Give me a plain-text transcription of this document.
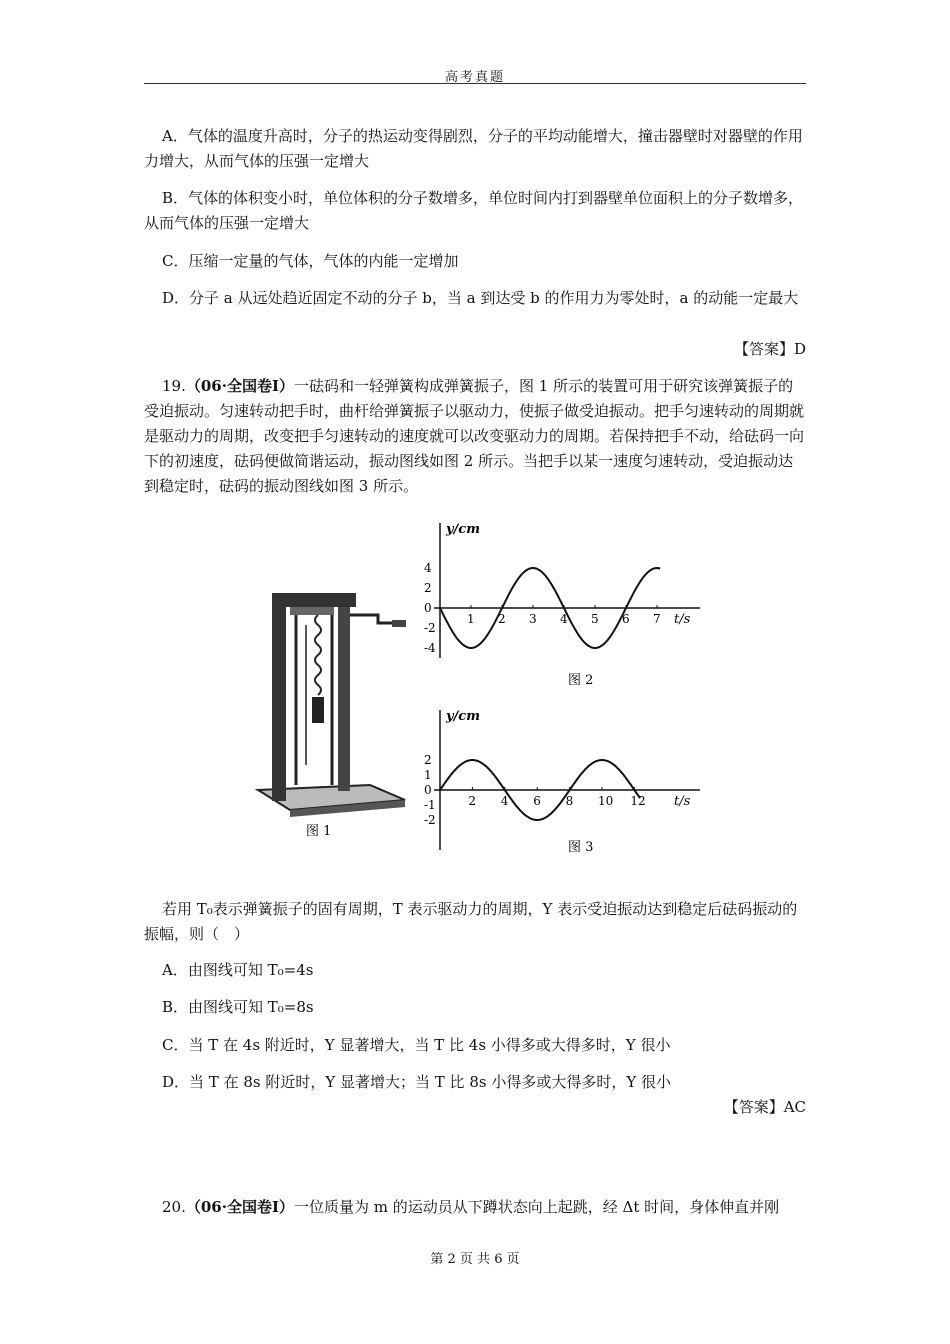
高考真题
A．气体的温度升高时，分子的热运动变得剧烈，分子的平均动能增大，撞击器壁时对器壁的作用力增大，从而气体的压强一定增大
B．气体的体积变小时，单位体积的分子数增多，单位时间内打到器壁单位面积上的分子数增多，从而气体的压强一定增大
C．压缩一定量的气体，气体的内能一定增加
D．分子 a 从远处趋近固定不动的分子 b，当 a 到达受 b 的作用力为零处时，a 的动能一定最大
【答案】D
19.（06·全国卷Ⅰ）一砝码和一轻弹簧构成弹簧振子，图 1 所示的装置可用于研究该弹簧振子的受迫振动。匀速转动把手时，曲杆给弹簧振子以驱动力，使振子做受迫振动。把手匀速转动的周期就是驱动力的周期，改变把手匀速转动的速度就可以改变驱动力的周期。若保持把手不动，给砝码一向下的初速度，砝码便做简谐运动，振动图线如图 2 所示。当把手以某一速度匀速转动，受迫振动达到稳定时，砝码的振动图线如图 3 所示。
图 1
y/cm
t/s
1 2 3 4 5 6 7
4
2
0
-2
-4
图 2
y/cm
t/s
2 4 6 8 10 12
2
1
0
-1
-2
图 3
若用 T₀表示弹簧振子的固有周期，T 表示驱动力的周期，Y 表示受迫振动达到稳定后砝码振动的振幅，则（　）
A．由图线可知 T₀=4s
B．由图线可知 T₀=8s
C．当 T 在 4s 附近时，Y 显著增大，当 T 比 4s 小得多或大得多时，Y 很小
D．当 T 在 8s 附近时，Y 显著增大；当 T 比 8s 小得多或大得多时，Y 很小
【答案】AC
20.（06·全国卷Ⅰ）一位质量为 m 的运动员从下蹲状态向上起跳，经 Δt 时间，身体伸直并刚
第 2 页 共 6 页
